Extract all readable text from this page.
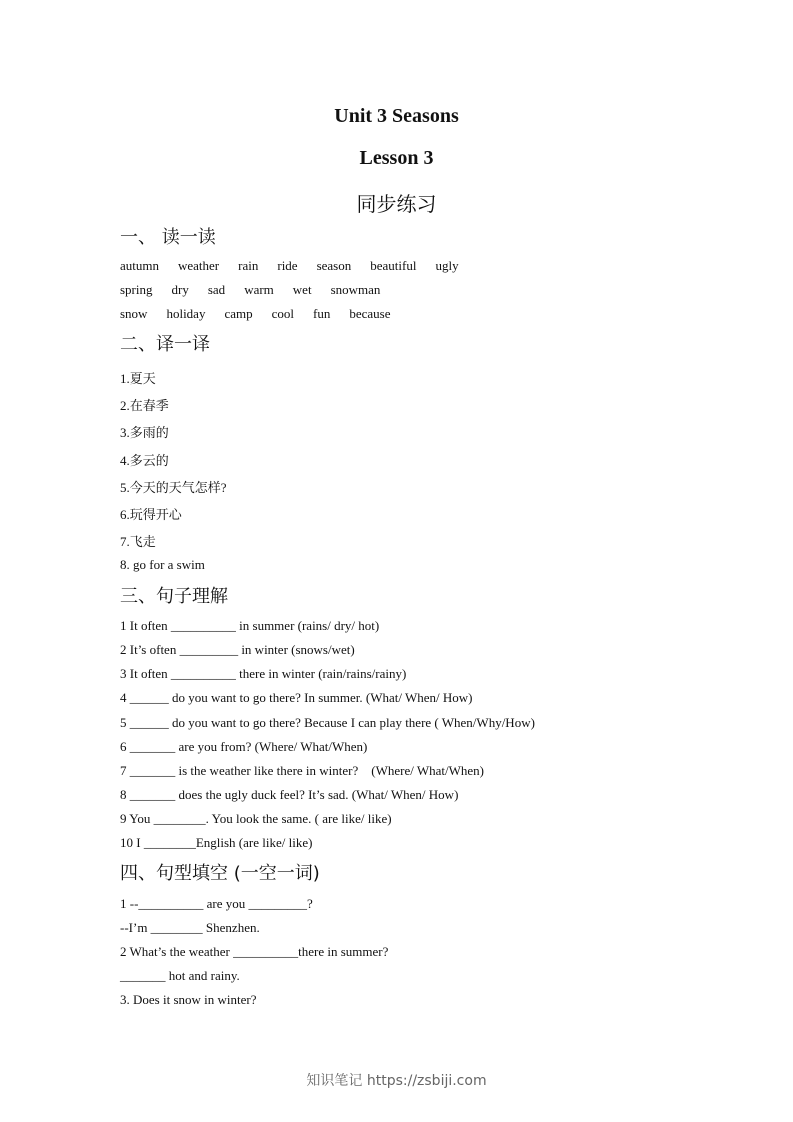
Unit 3 Seasons
Lesson 3
同步练习
一、 读一读
autumn weather rain ride season beautiful ugly
spring dry sad warm wet snowman
snow holiday camp cool fun because
二、译一译
1.夏天
2.在春季
3.多雨的
4.多云的
5.今天的天气怎样?
6.玩得开心
7.飞走
8. go for a swim
三、句子理解
1 It often __________ in summer (rains/ dry/ hot)
2 It’s often _________ in winter (snows/wet)
3 It often __________ there in winter (rain/rains/rainy)
4 ______ do you want to go there? In summer. (What/ When/ How)
5 ______ do you want to go there? Because I can play there ( When/Why/How)
6 _______ are you from? (Where/ What/When)
7 _______ is the weather like there in winter?    (Where/ What/When)
8 _______ does the ugly duck feel? It’s sad. (What/ When/ How)
9 You ________. You look the same. ( are like/ like)
10 I ________English (are like/ like)
四、句型填空 (一空一词)
1 --__________ are you _________?
--I’m ________ Shenzhen.
2 What’s the weather __________there in summer?
_______ hot and rainy.
3. Does it snow in winter?
知识笔记 https://zsbiji.com
